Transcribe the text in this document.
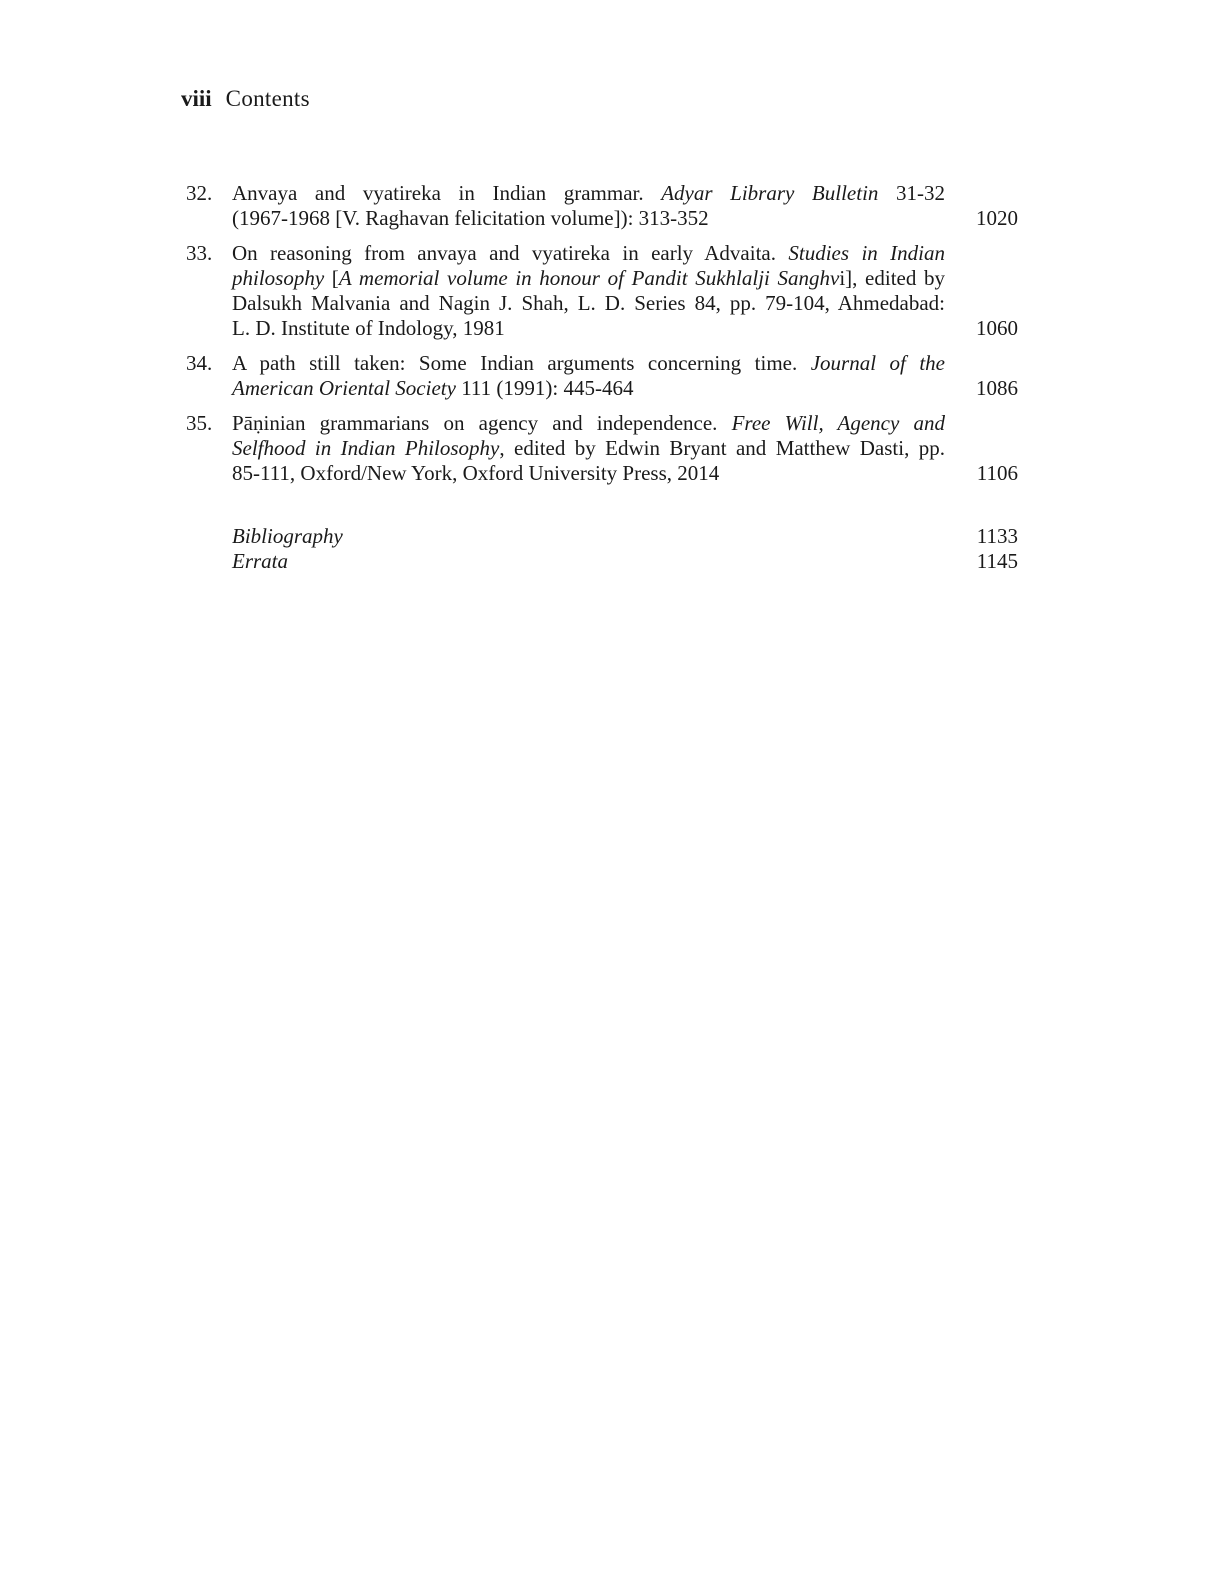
viii Contents
32. Anvaya and vyatireka in Indian grammar. Adyar Library Bulletin 31-32
(1967-1968 [V. Raghavan felicitation volume]): 313-352	1020
33. On reasoning from anvaya and vyatireka in early Advaita. Studies in Indian
philosophy [A memorial volume in honour of Pandit Sukhlalji Sanghvi], edited by
Dalsukh Malvania and Nagin J. Shah, L. D. Series 84, pp. 79-104, Ahmedabad:
L. D. Institute of Indology, 1981	1060
34. A path still taken: Some Indian arguments concerning time. Journal of the
American Oriental Society 111 (1991): 445-464	1086
35. Pāṇinian grammarians on agency and independence. Free Will, Agency and
Selfhood in Indian Philosophy, edited by Edwin Bryant and Matthew Dasti, pp.
85-111, Oxford/New York, Oxford University Press, 2014	1106
Bibliography	1133
Errata	1145
